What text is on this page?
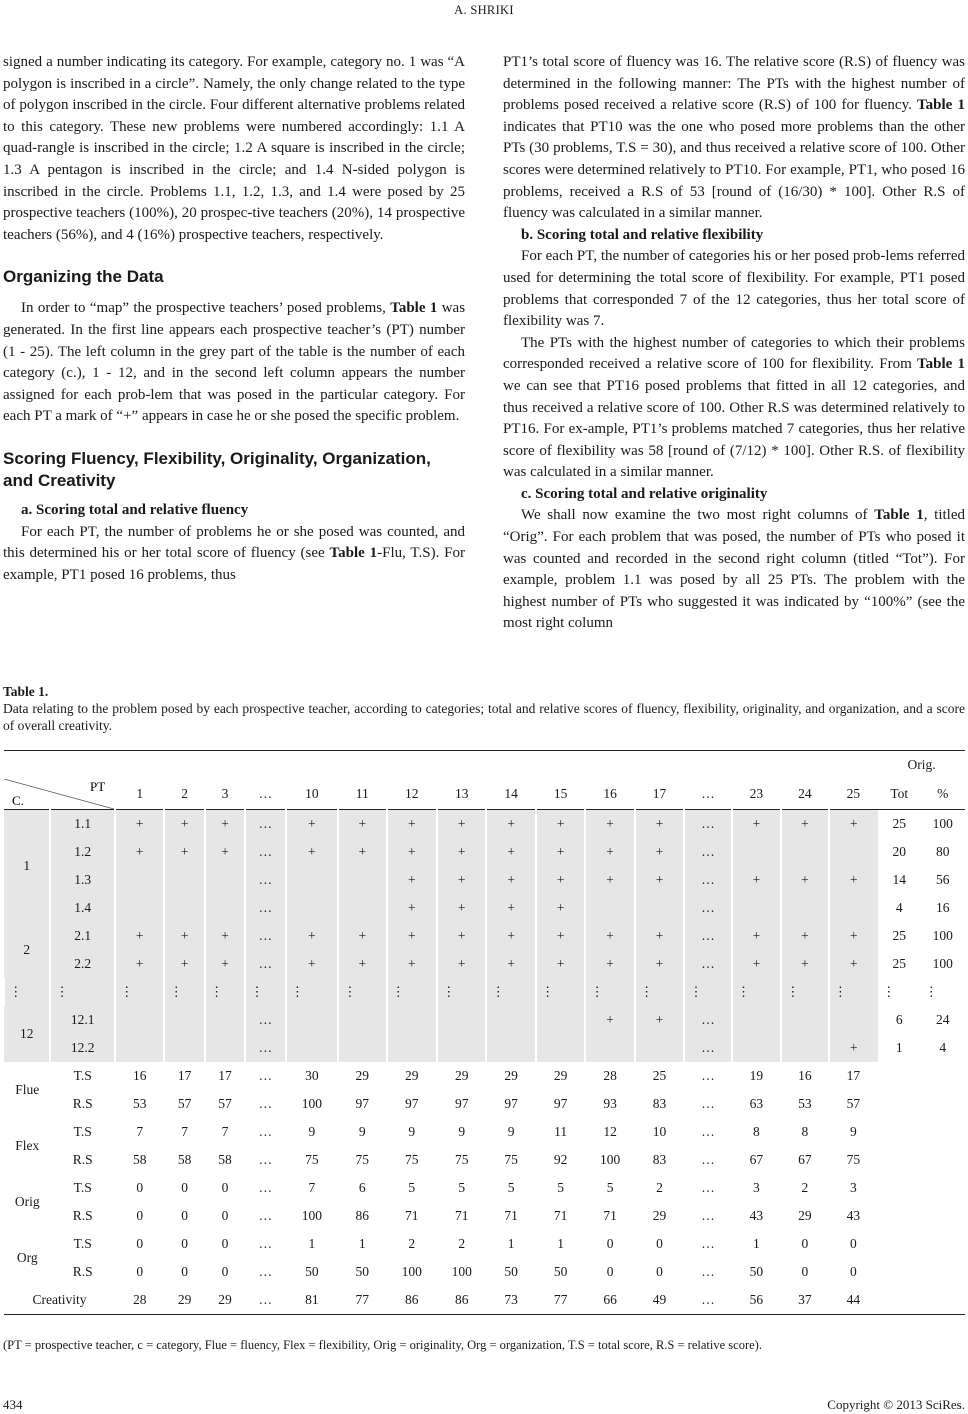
A. SHRIKI

signed a number indicating its category. For example, category no. 1 was “A polygon is inscribed in a circle”. Namely, the only change related to the type of polygon inscribed in the circle. Four different alternative problems related to this category. These new problems were numbered accordingly: 1.1 A quad-rangle is inscribed in the circle; 1.2 A square is inscribed in the circle; 1.3 A pentagon is inscribed in the circle; and 1.4 N-sided polygon is inscribed in the circle. Problems 1.1, 1.2, 1.3, and 1.4 were posed by 25 prospective teachers (100%), 20 prospec-tive teachers (20%), 14 prospective teachers (56%), and 4 (16%) prospective teachers, respectively.

Organizing the Data

In order to “map” the prospective teachers’ posed problems, Table 1 was generated. In the first line appears each prospective teacher’s (PT) number (1 - 25). The left column in the grey part of the table is the number of each category (c.), 1 - 12, and in the second left column appears the number assigned for each prob-lem that was posed in the particular category. For each PT a mark of “+” appears in case he or she posed the specific problem.

Scoring Fluency, Flexibility, Originality, Organization, and Creativity
a. Scoring total and relative fluency

For each PT, the number of problems he or she posed was counted, and this determined his or her total score of fluency (see Table 1-Flu, T.S). For example, PT1 posed 16 problems, thus

PT1’s total score of fluency was 16. The relative score (R.S) of fluency was determined in the following manner: The PTs with the highest number of problems posed received a relative score (R.S) of 100 for fluency. Table 1 indicates that PT10 was the one who posed more problems than the other PTs (30 problems, T.S = 30), and thus received a relative score of 100. Other scores were determined relatively to PT10. For example, PT1, who posed 16 problems, received a R.S of 53 [round of (16/30) * 100]. Other R.S of fluency was calculated in a similar manner.

b. Scoring total and relative flexibility

For each PT, the number of categories his or her posed prob-lems referred used for determining the total score of flexibility. For example, PT1 posed problems that corresponded 7 of the 12 categories, thus her total score of flexibility was 7.

The PTs with the highest number of categories to which their problems corresponded received a relative score of 100 for flexibility. From Table 1 we can see that PT16 posed problems that fitted in all 12 categories, and thus received a relative score of 100. Other R.S was determined relatively to PT16. For ex-ample, PT1’s problems matched 7 categories, thus her relative score of flexibility was 58 [round of (7/12) * 100]. Other R.S. of flexibility was calculated in a similar manner.

c. Scoring total and relative originality

We shall now examine the two most right columns of Table 1, titled “Orig”. For each problem that was posed, the number of PTs who posed it was counted and recorded in the second right column (titled “Tot”). For example, problem 1.1 was posed by all 25 PTs. The problem with the highest number of PTs who suggested it was indicated by “100%” (see the most right column

Table 1.

Data relating to the problem posed by each prospective teacher, according to categories; total and relative scores of fluency, flexibility, originality, and organization, and a score of overall creativity.

																		Orig.	

PT
C.		1	2	3	…	10	11	12	13	14	15	16	17	…	23	24	25	Tot	%
1	1.1	+	+	+	…	+	+	+	+	+	+	+	+	…	+	+	+	25	100
	1.2	+	+	+	…	+	+	+	+	+	+	+	+	…				20	80
	1.3				…			+	+	+	+	+	+	…	+	+	+	14	56
	1.4				…			+	+	+	+			…				4	16
2	2.1	+	+	+	…	+	+	+	+	+	+	+	+	…	+	+	+	25	100
	2.2	+	+	+	…	+	+	+	+	+	+	+	+	…	+	+	+	25	100
⋮	⋮	⋮	⋮	⋮	⋮	⋮	⋮	⋮	⋮	⋮	⋮	⋮	⋮	⋮	⋮	⋮	⋮	⋮	⋮
12	12.1				…							+	+	…				6	24
	12.2				…									…			+	1	4
Flue	T.S	16	17	17	…	30	29	29	29	29	29	28	25	…	19	16	17		
	R.S	53	57	57	…	100	97	97	97	97	97	93	83	…	63	53	57		
Flex	T.S	7	7	7	…	9	9	9	9	9	11	12	10	…	8	8	9		
	R.S	58	58	58	…	75	75	75	75	75	92	100	83	…	67	67	75		
Orig	T.S	0	0	0	…	7	6	5	5	5	5	5	2	…	3	2	3		
	R.S	0	0	0	…	100	86	71	71	71	71	71	29	…	43	29	43		
Org	T.S	0	0	0	…	1	1	2	2	1	1	0	0	…	1	0	0		
	R.S	0	0	0	…	50	50	100	100	50	50	0	0	…	50	0	0		
Creativity		28	29	29	…	81	77	86	86	73	77	66	49	…	56	37	44		
(PT = prospective teacher, c = category, Flue = fluency, Flex = flexibility, Orig = originality, Org = organization, T.S = total score, R.S = relative score).
434	Copyright © 2013 SciRes.
